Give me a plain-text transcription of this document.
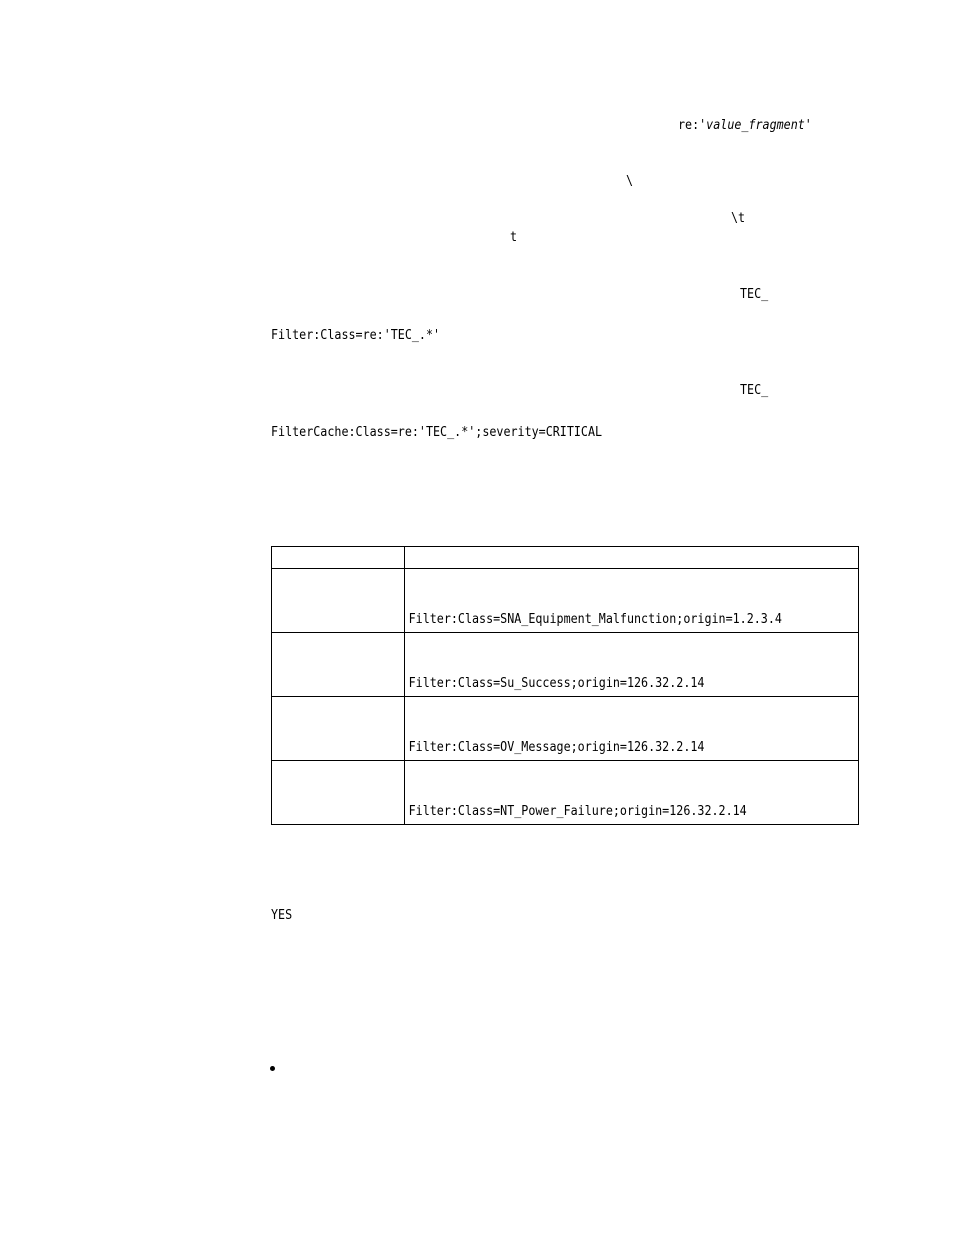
re:'value_fragment'
\
\t
t
TEC_
Filter:Class=re:'TEC_.*'
TEC_
FilterCache:Class=re:'TEC_.*';severity=CRITICAL

	Filter:Class=SNA_Equipment_Malfunction;origin=1.2.3.4

	Filter:Class=Su_Success;origin=126.32.2.14

	Filter:Class=OV_Message;origin=126.32.2.14

	Filter:Class=NT_Power_Failure;origin=126.32.2.14
YES
